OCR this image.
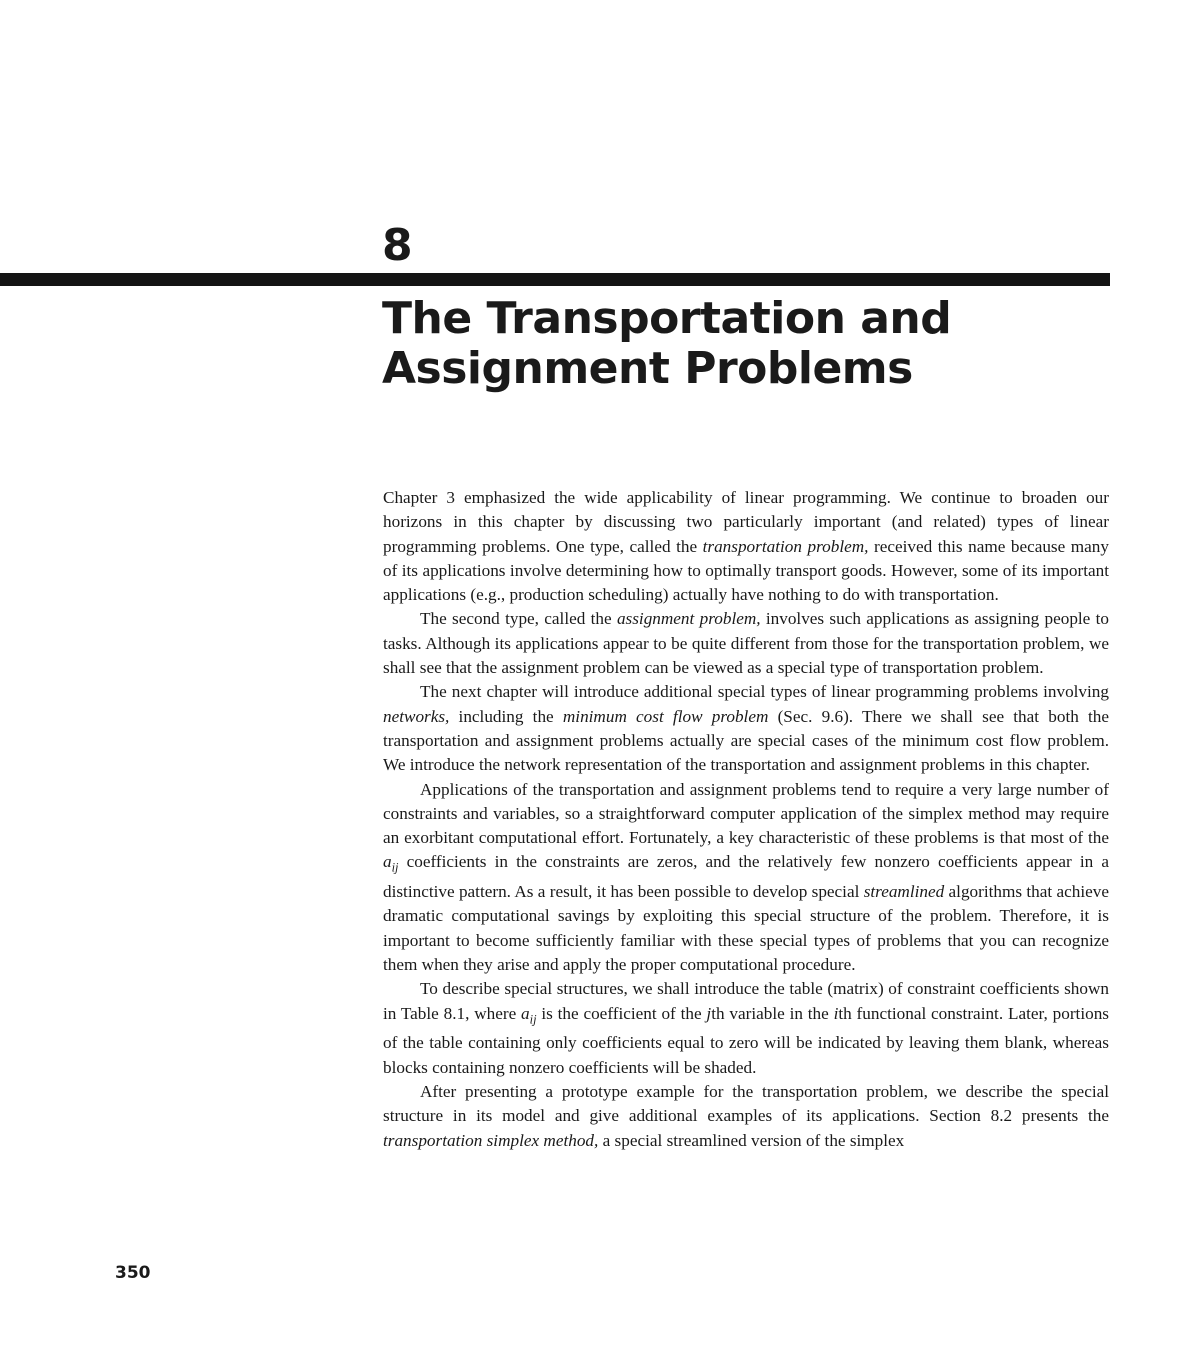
8
The Transportation and
Assignment Problems

Chapter 3 emphasized the wide applicability of linear programming. We continue to broaden our horizons in this chapter by discussing two particularly important (and related) types of linear programming problems. One type, called the transportation problem, received this name because many of its applications involve determining how to optimally transport goods. However, some of its important applications (e.g., production scheduling) actually have nothing to do with transportation.

The second type, called the assignment problem, involves such applications as assigning people to tasks. Although its applications appear to be quite different from those for the transportation problem, we shall see that the assignment problem can be viewed as a special type of transportation problem.

The next chapter will introduce additional special types of linear programming problems involving networks, including the minimum cost flow problem (Sec. 9.6). There we shall see that both the transportation and assignment problems actually are special cases of the minimum cost flow problem. We introduce the network representation of the transportation and assignment problems in this chapter.

Applications of the transportation and assignment problems tend to require a very large number of constraints and variables, so a straightforward computer application of the simplex method may require an exorbitant computational effort. Fortunately, a key characteristic of these problems is that most of the $a_{ij}$ coefficients in the constraints are zeros, and the relatively few nonzero coefficients appear in a distinctive pattern. As a result, it has been possible to develop special streamlined algorithms that achieve dramatic computational savings by exploiting this special structure of the problem. Therefore, it is important to become sufficiently familiar with these special types of problems that you can recognize them when they arise and apply the proper computational procedure.

To describe special structures, we shall introduce the table (matrix) of constraint coefficients shown in Table 8.1, where $a_{ij}$ is the coefficient of the jth variable in the ith functional constraint. Later, portions of the table containing only coefficients equal to zero will be indicated by leaving them blank, whereas blocks containing nonzero coefficients will be shaded.

After presenting a prototype example for the transportation problem, we describe the special structure in its model and give additional examples of its applications. Section 8.2 presents the transportation simplex method, a special streamlined version of the simplex

350
